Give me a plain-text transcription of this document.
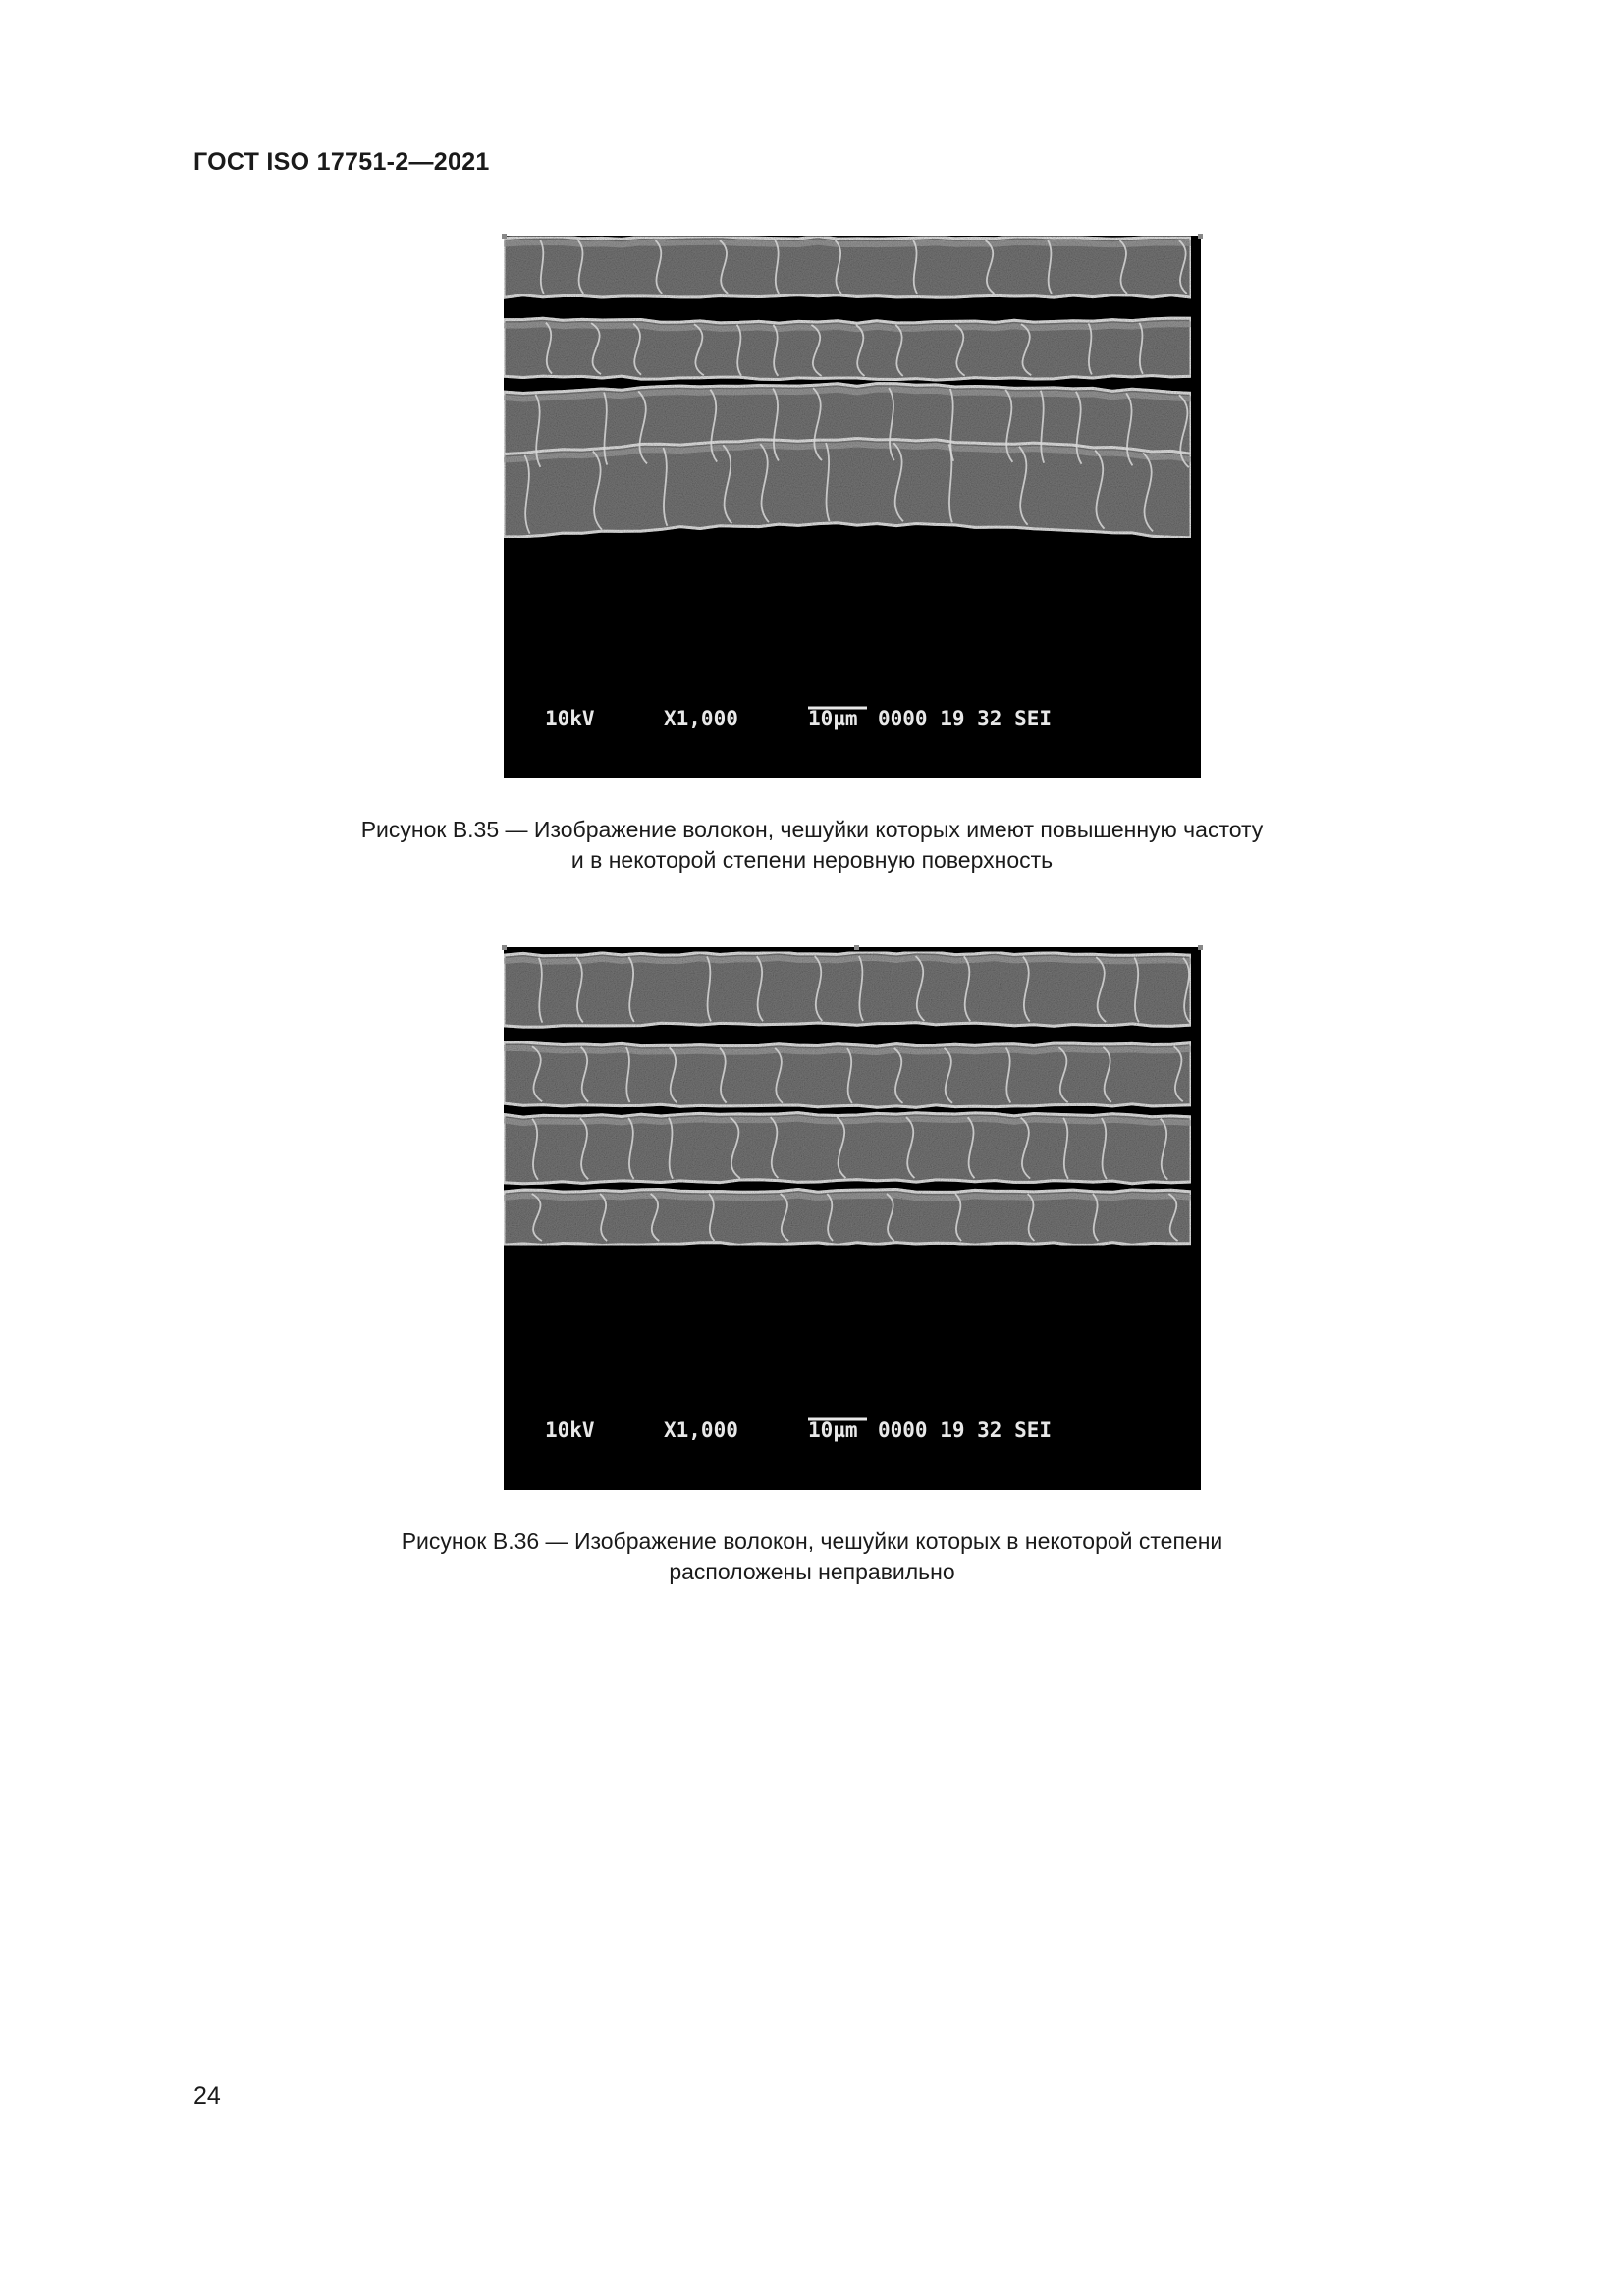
ГОСТ ISO 17751-2—2021
10kV	X1,000	10µm 0000 19 32 SEI
Рисунок В.35 — Изображение волокон, чешуйки которых имеют повышенную частоту
и в некоторой степени неровную поверхность
10kV	X1,000	10µm 0000 19 32 SEI
Рисунок В.36 — Изображение волокон, чешуйки которых в некоторой степени
расположены неправильно
24
